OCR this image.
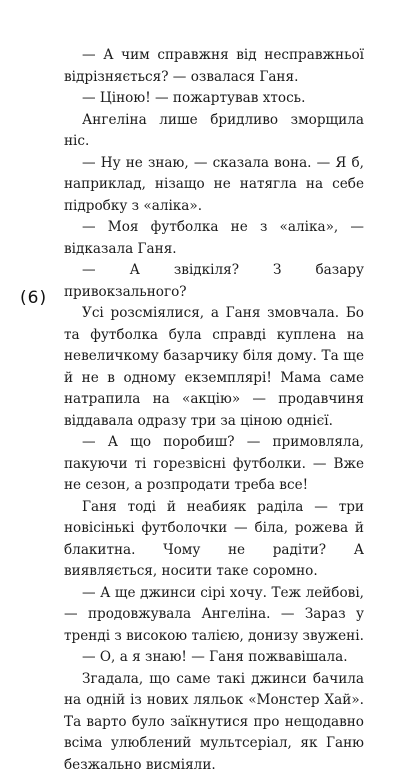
(6)

— А чим справжня від несправжньої відрізняється? — озвалася Ганя.

— Ціною! — пожартував хтось.

Ангеліна лише бридливо зморщила ніс.

— Ну не знаю, — сказала вона. — Я б, наприклад, нізащо не натягла на себе підробку з «аліка».

— Моя футболка не з «аліка», — відказала Ганя.

— А звідкіля? З базару привокзального?

Усі розсміялися, а Ганя змовчала. Бо та футболка була справді куплена на невеличкому базарчику біля дому. Та ще й не в одному екземплярі! Мама саме натрапила на «акцію» — продавчиня віддавала одразу три за ціною однієї.

— А що поробиш? — примовляла, пакуючи ті горезвісні футболки. — Вже не сезон, а розпродати треба все!

Ганя тоді й неабияк раділа — три новісінькі футболочки — біла, рожева й блакитна. Чому не радіти? А виявляється, носити таке соромно.

— А ще джинси сірі хочу. Теж лейбові, — продовжувала Ангеліна. — Зараз у тренді з високою талією, донизу звужені.

— О, а я знаю! — Ганя пожвавішала.

Згадала, що саме такі джинси бачила на одній із нових ляльок «Монстер Хай». Та варто було заїкнутися про нещодавно всіма улюблений мультсеріал, як Ганю безжально висміяли.
